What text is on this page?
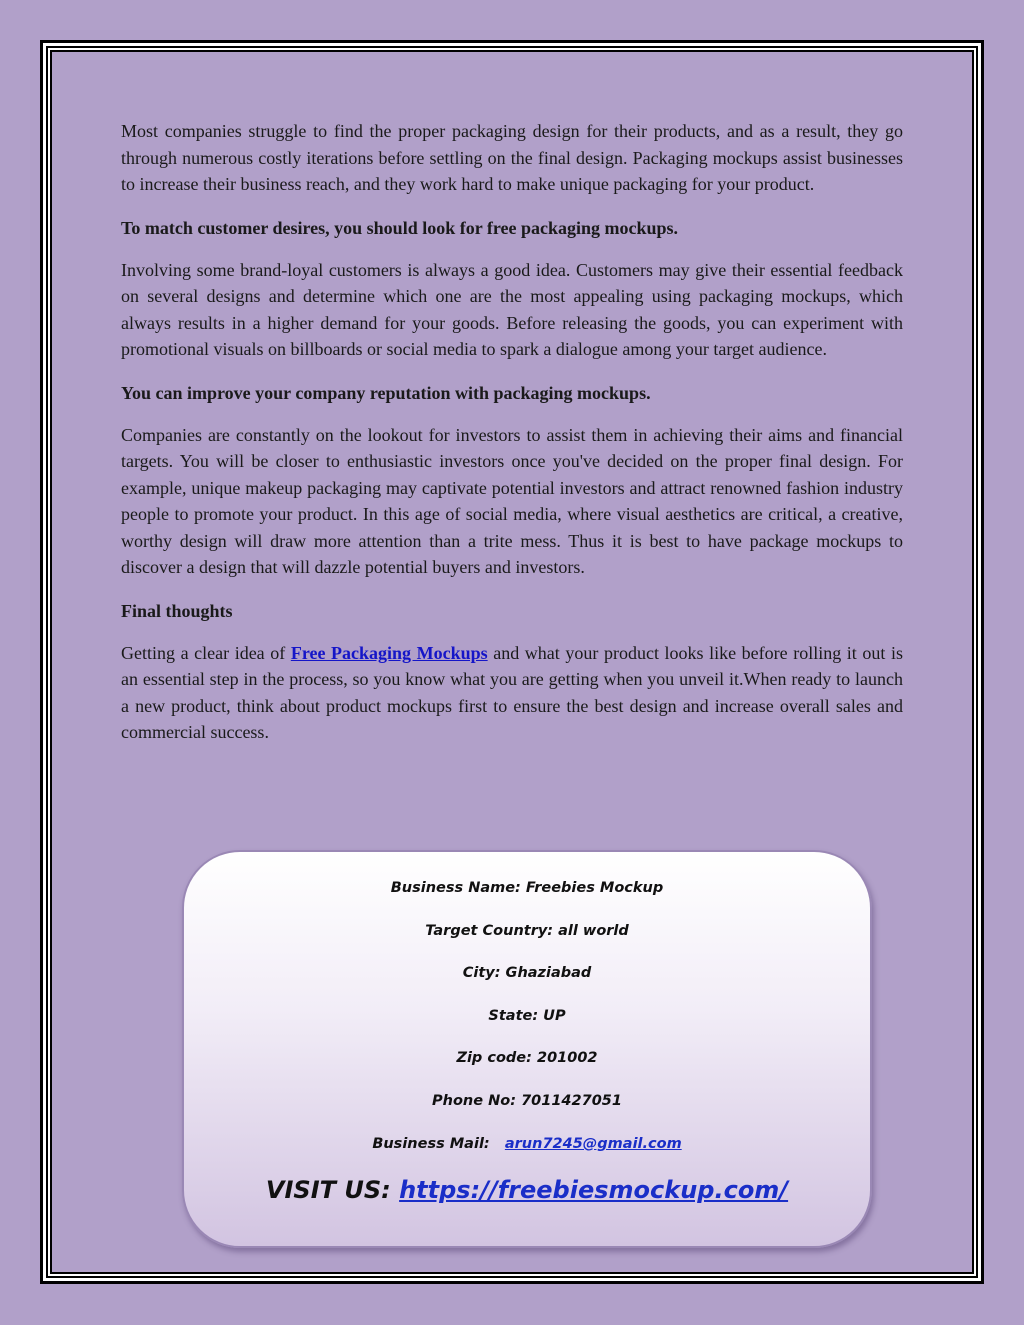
Most companies struggle to find the proper packaging design for their products, and as a result, they go through numerous costly iterations before settling on the final design. Packaging mockups assist businesses to increase their business reach, and they work hard to make unique packaging for your product.

To match customer desires, you should look for free packaging mockups.

Involving some brand-loyal customers is always a good idea. Customers may give their essential feedback on several designs and determine which one are the most appealing using packaging mockups, which always results in a higher demand for your goods. Before releasing the goods, you can experiment with promotional visuals on billboards or social media to spark a dialogue among your target audience.

You can improve your company reputation with packaging mockups.

Companies are constantly on the lookout for investors to assist them in achieving their aims and financial targets. You will be closer to enthusiastic investors once you've decided on the proper final design. For example, unique makeup packaging may captivate potential investors and attract renowned fashion industry people to promote your product. In this age of social media, where visual aesthetics are critical, a creative, worthy design will draw more attention than a trite mess. Thus it is best to have package mockups to discover a design that will dazzle potential buyers and investors.

Final thoughts

Getting a clear idea of Free Packaging Mockups and what your product looks like before rolling it out is an essential step in the process, so you know what you are getting when you unveil it.When ready to launch a new product, think about product mockups first to ensure the best design and increase overall sales and commercial success.

Business Name: Freebies Mockup
Target Country: all world
City: Ghaziabad
State: UP
Zip code: 201002
Phone No: 7011427051
Business Mail:   arun7245@gmail.com
VISIT US: https://freebiesmockup.com/
